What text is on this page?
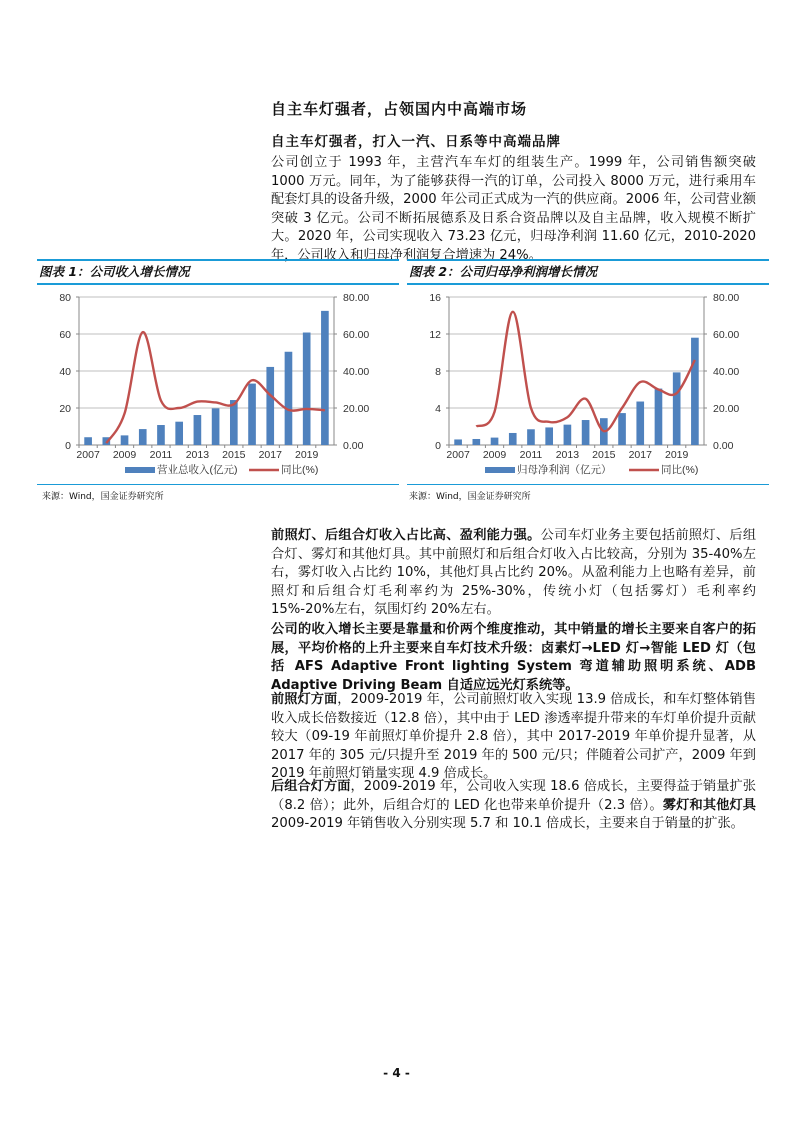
自主车灯强者，占领国内中高端市场
自主车灯强者，打入一汽、日系等中高端品牌
公司创立于 1993 年，主营汽车车灯的组装生产。1999 年，公司销售额突破 1000 万元。同年，为了能够获得一汽的订单，公司投入 8000 万元，进行乘用车配套灯具的设备升级，2000 年公司正式成为一汽的供应商。2006 年，公司营业额突破 3 亿元。公司不断拓展德系及日系合资品牌以及自主品牌，收入规模不断扩大。2020 年，公司实现收入 73.23 亿元，归母净利润 11.60 亿元，2010-2020 年，公司收入和归母净利润复合增速为 24%。
图表 1：公司收入增长情况
0
20
40
60
80
0.00
20.00
40.00
60.00
80.00
2007 2009 2011 2013 2015 2017 2019
营业总收入(亿元)	同比(%)
来源：Wind，国金证券研究所
图表 2：公司归母净利润增长情况
0
4
8
12
16
0.00
20.00
40.00
60.00
80.00
2007 2009 2011 2013 2015 2017 2019
归母净利润（亿元）	同比(%)
来源：Wind，国金证券研究所
前照灯、后组合灯收入占比高、盈利能力强。公司车灯业务主要包括前照灯、后组合灯、雾灯和其他灯具。其中前照灯和后组合灯收入占比较高，分别为 35-40%左右，雾灯收入占比约 10%，其他灯具占比约 20%。从盈利能力上也略有差异，前照灯和后组合灯毛利率约为 25%-30%，传统小灯（包括雾灯）毛利率约 15%-20%左右，氛围灯约 20%左右。
公司的收入增长主要是靠量和价两个维度推动，其中销量的增长主要来自客户的拓展，平均价格的上升主要来自车灯技术升级：卤素灯→LED 灯→智能 LED 灯（包括 AFS Adaptive Front lighting System 弯道辅助照明系统、ADB Adaptive Driving Beam 自适应远光灯系统等。
前照灯方面，2009-2019 年，公司前照灯收入实现 13.9 倍成长，和车灯整体销售收入成长倍数接近（12.8 倍），其中由于 LED 渗透率提升带来的车灯单价提升贡献较大（09-19 年前照灯单价提升 2.8 倍），其中 2017-2019 年单价提升显著，从 2017 年的 305 元/只提升至 2019 年的 500 元/只；伴随着公司扩产，2009 年到 2019 年前照灯销量实现 4.9 倍成长。
后组合灯方面，2009-2019 年，公司收入实现 18.6 倍成长，主要得益于销量扩张（8.2 倍）；此外，后组合灯的 LED 化也带来单价提升（2.3 倍）。雾灯和其他灯具 2009-2019 年销售收入分别实现 5.7 和 10.1 倍成长，主要来自于销量的扩张。
- 4 -
